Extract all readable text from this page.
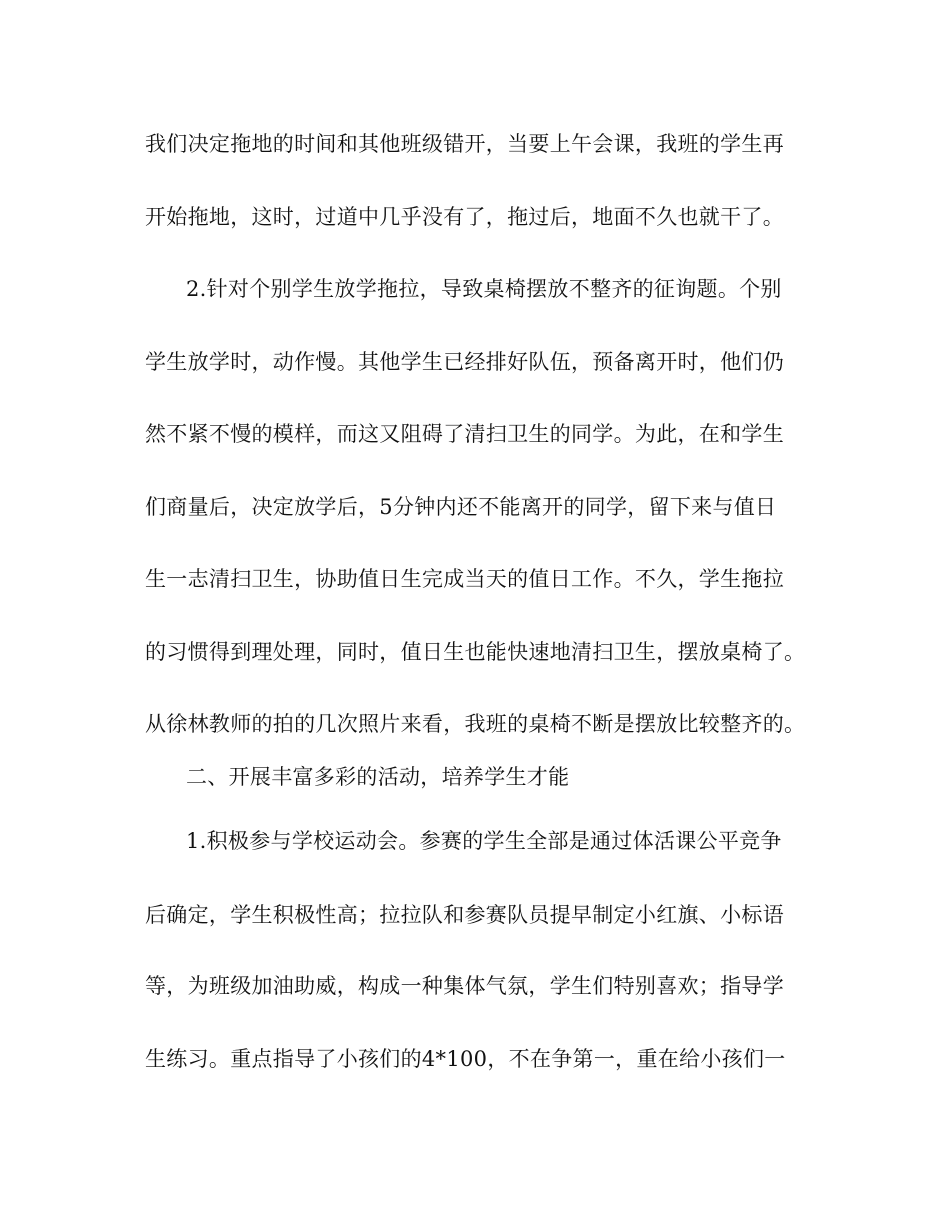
我们决定拖地的时间和其他班级错开，当要上午会课，我班的学生再
开始拖地，这时，过道中几乎没有了，拖过后，地面不久也就干了。
2.针对个别学生放学拖拉，导致桌椅摆放不整齐的征询题。个别
学生放学时，动作慢。其他学生已经排好队伍，预备离开时，他们仍
然不紧不慢的模样，而这又阻碍了清扫卫生的同学。为此，在和学生
们商量后，决定放学后，5分钟内还不能离开的同学，留下来与值日
生一志清扫卫生，协助值日生完成当天的值日工作。不久，学生拖拉
的习惯得到理处理，同时，值日生也能快速地清扫卫生，摆放桌椅了。
从徐林教师的拍的几次照片来看，我班的桌椅不断是摆放比较整齐的。
二、开展丰富多彩的活动，培养学生才能
1.积极参与学校运动会。参赛的学生全部是通过体活课公平竞争
后确定，学生积极性高；拉拉队和参赛队员提早制定小红旗、小标语
等，为班级加油助威，构成一种集体气氛，学生们特别喜欢；指导学
生练习。重点指导了小孩们的4*100，不在争第一，重在给小孩们一
